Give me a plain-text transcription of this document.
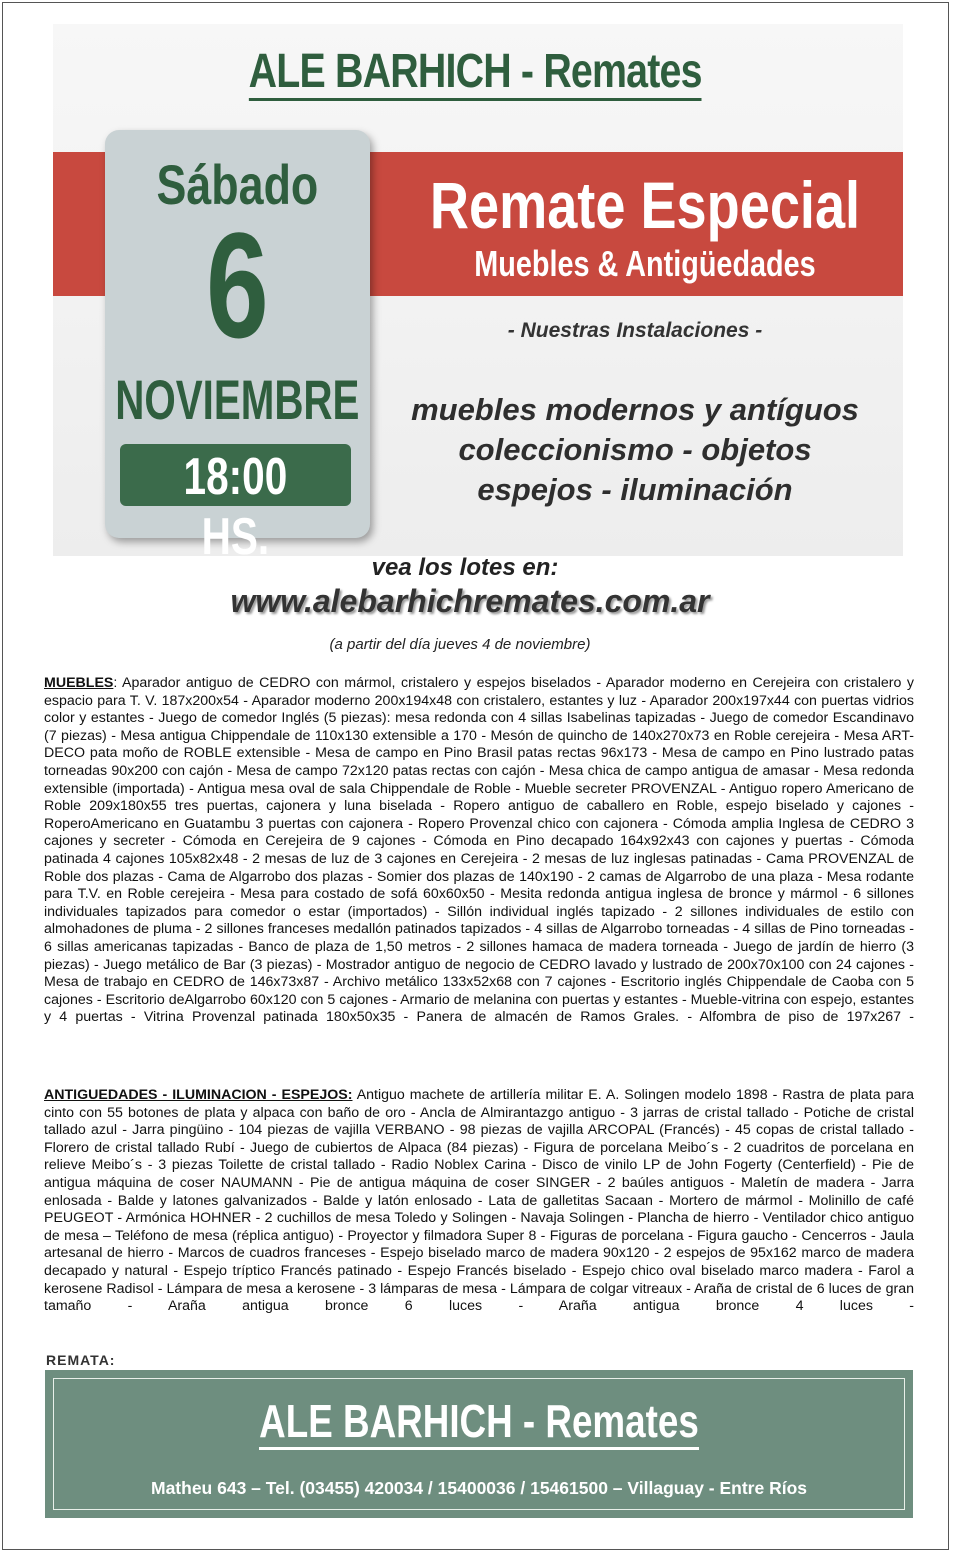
ALE BARHICH - Remates
Sábado
6
NOVIEMBRE
18:00 HS.
Remate Especial
Muebles & Antigüedades
- Nuestras Instalaciones -
muebles modernos y antíguos
coleccionismo - objetos
espejos - iluminación
vea los lotes en:
www.alebarhichremates.com.ar
(a partir del día jueves 4 de noviembre)

MUEBLES: Aparador antiguo de CEDRO con mármol, cristalero y espejos biselados - Aparador moderno en Cerejeira con cristalero y espacio para T. V. 187x200x54 - Aparador moderno 200x194x48 con cristalero, estantes y luz - Aparador 200x197x44 con puertas vidrios color y estantes - Juego de comedor Inglés (5 piezas): mesa redonda con 4 sillas Isabelinas tapizadas - Juego de comedor Escandinavo (7 piezas) - Mesa antigua Chippendale de 110x130 extensible a 170 - Mesón de quincho de 140x270x73 en Roble cerejeira - Mesa ART-DECO pata moño de ROBLE extensible - Mesa de campo en Pino Brasil patas rectas 96x173 - Mesa de campo en Pino lustrado patas torneadas 90x200 con cajón - Mesa de campo 72x120 patas rectas con cajón - Mesa chica de campo antigua de amasar - Mesa redonda extensible (importada) - Antigua mesa oval de sala Chippendale de Roble - Mueble secreter PROVENZAL - Antiguo ropero Americano de Roble 209x180x55 tres puertas, cajonera y luna biselada - Ropero antiguo de caballero en Roble, espejo biselado y cajones - RoperoAmericano en Guatambu 3 puertas con cajonera - Ropero Provenzal chico con cajonera - Cómoda amplia Inglesa de CEDRO 3 cajones y secreter - Cómoda en Cerejeira de 9 cajones - Cómoda en Pino decapado 164x92x43 con cajones y puertas - Cómoda patinada 4 cajones 105x82x48 - 2 mesas de luz de 3 cajones en Cerejeira - 2 mesas de luz inglesas patinadas - Cama PROVENZAL de Roble dos plazas - Cama de Algarrobo dos plazas - Somier dos plazas de 140x190 - 2 camas de Algarrobo de una plaza - Mesa rodante para T.V. en Roble cerejeira - Mesa para costado de sofá 60x60x50 - Mesita redonda antigua inglesa de bronce y mármol - 6 sillones individuales tapizados para comedor o estar (importados) - Sillón individual inglés tapizado - 2 sillones individuales de estilo con almohadones de pluma - 2 sillones franceses medallón patinados tapizados - 4 sillas de Algarrobo torneadas - 4 sillas de Pino torneadas - 6 sillas americanas tapizadas - Banco de plaza de 1,50 metros - 2 sillones hamaca de madera torneada - Juego de jardín de hierro (3 piezas) - Juego metálico de Bar (3 piezas) - Mostrador antiguo de negocio de CEDRO lavado y lustrado de 200x70x100 con 24 cajones - Mesa de trabajo en CEDRO de 146x73x87 - Archivo metálico 133x52x68 con 7 cajones - Escritorio inglés Chippendale de Caoba con 5 cajones - Escritorio deAlgarrobo 60x120 con 5 cajones - Armario de melanina con puertas y estantes - Mueble-vitrina con espejo, estantes y 4 puertas - Vitrina Provenzal patinada 180x50x35 - Panera de almacén de Ramos Grales. - Alfombra de piso de 197x267 -

ANTIGUEDADES - ILUMINACION - ESPEJOS: Antiguo machete de artillería militar E. A. Solingen modelo 1898 - Rastra de plata para cinto con 55 botones de plata y alpaca con baño de oro - Ancla de Almirantazgo antiguo - 3 jarras de cristal tallado - Potiche de cristal tallado azul - Jarra pingüino - 104 piezas de vajilla VERBANO - 98 piezas de vajilla ARCOPAL (Francés) - 45 copas de cristal tallado - Florero de cristal tallado Rubí - Juego de cubiertos de Alpaca (84 piezas) - Figura de porcelana Meibo´s - 2 cuadritos de porcelana en relieve Meibo´s - 3 piezas Toilette de cristal tallado - Radio Noblex Carina - Disco de vinilo LP de John Fogerty (Centerfield) - Pie de antigua máquina de coser NAUMANN - Pie de antigua máquina de coser SINGER - 2 baúles antiguos - Maletín de madera - Jarra enlosada - Balde y latones galvanizados - Balde y latón enlosado - Lata de galletitas Sacaan - Mortero de mármol - Molinillo de café PEUGEOT - Armónica HOHNER - 2 cuchillos de mesa Toledo y Solingen - Navaja Solingen - Plancha de hierro - Ventilador chico antiguo de mesa – Teléfono de mesa (réplica antiguo) - Proyector y filmadora Super 8 - Figuras de porcelana - Figura gaucho - Cencerros - Jaula artesanal de hierro - Marcos de cuadros franceses - Espejo biselado marco de madera 90x120 - 2 espejos de 95x162 marco de madera decapado y natural - Espejo tríptico Francés patinado - Espejo Francés biselado - Espejo chico oval biselado marco madera - Farol a kerosene Radisol - Lámpara de mesa a kerosene - 3 lámparas de mesa - Lámpara de colgar vitreaux - Araña de cristal de 6 luces de gran tamaño - Araña antigua bronce 6 luces - Araña antigua bronce 4 luces -

REMATA:
ALE BARHICH - Remates
Matheu 643 – Tel. (03455) 420034 / 15400036 / 15461500 – Villaguay - Entre Ríos
